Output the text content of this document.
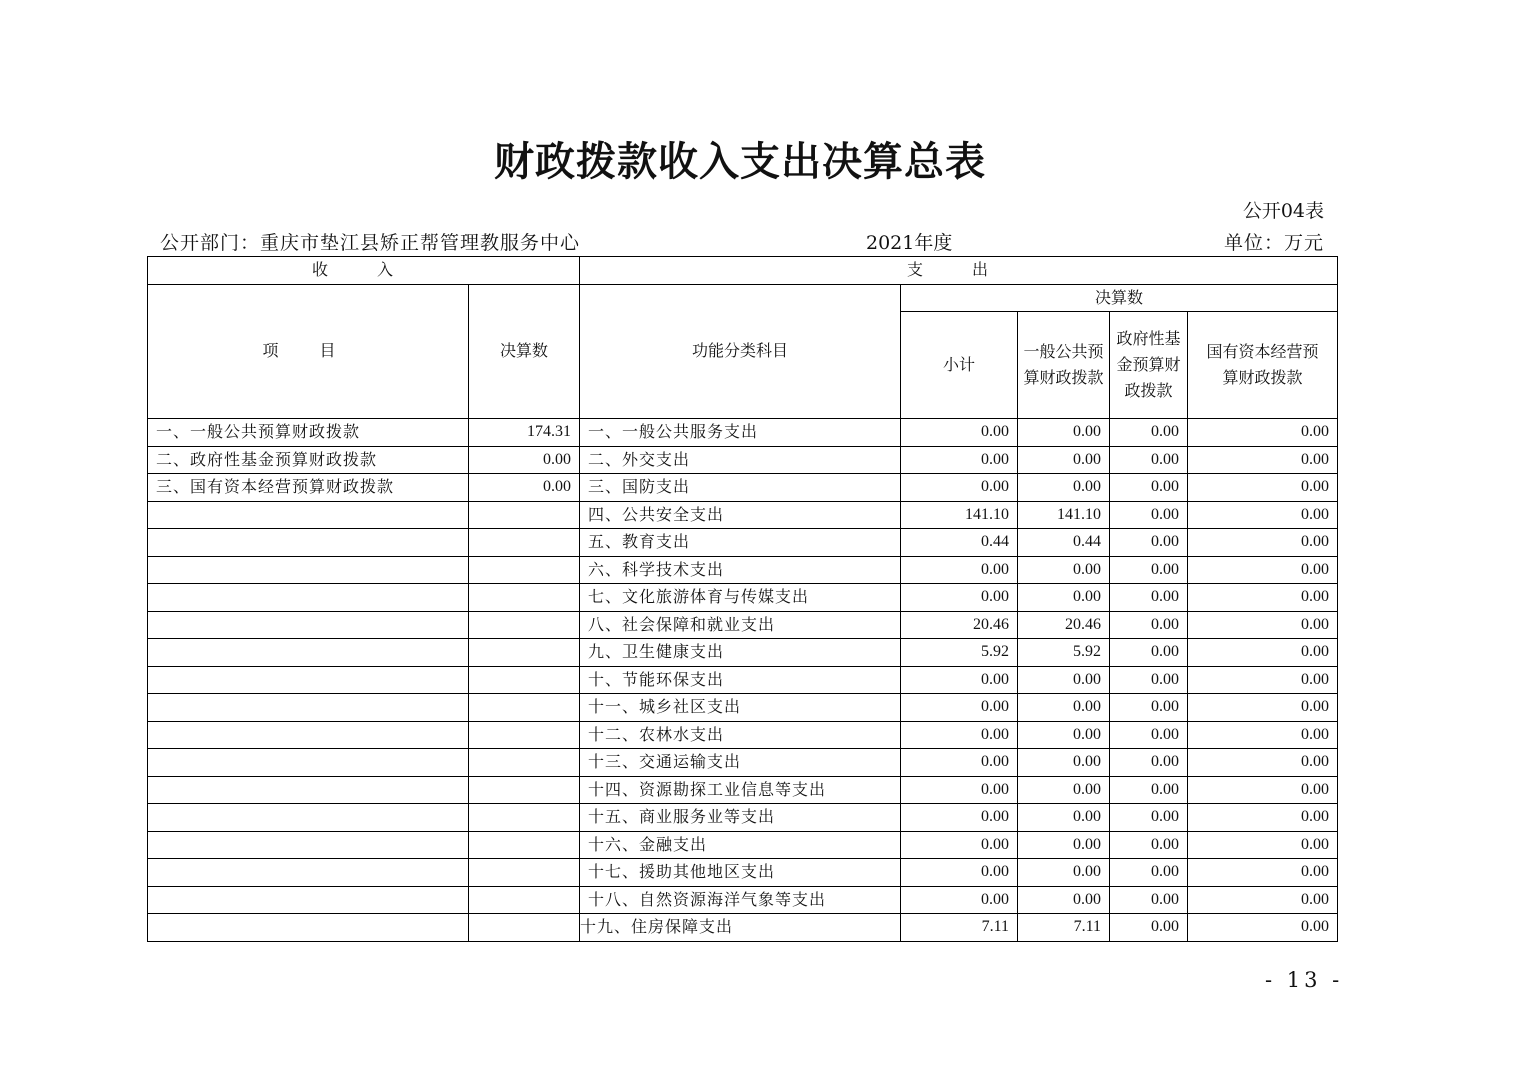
财政拨款收入支出决算总表
公开04表
公开部门：重庆市垫江县矫正帮管理教服务中心	2021年度	单位：万元
收 入		支 出				
项 目	决算数	功能分类科目	决算数			
			小计	一般公共预算财政拨款	政府性基金预算财政拨款	国有资本经营预算财政拨款
一、一般公共预算财政拨款	174.31	一、一般公共服务支出	0.00	0.00	0.00	0.00
二、政府性基金预算财政拨款	0.00	二、外交支出	0.00	0.00	0.00	0.00
三、国有资本经营预算财政拨款	0.00	三、国防支出	0.00	0.00	0.00	0.00
		四、公共安全支出	141.10	141.10	0.00	0.00
		五、教育支出	0.44	0.44	0.00	0.00
		六、科学技术支出	0.00	0.00	0.00	0.00
		七、文化旅游体育与传媒支出	0.00	0.00	0.00	0.00
		八、社会保障和就业支出	20.46	20.46	0.00	0.00
		九、卫生健康支出	5.92	5.92	0.00	0.00
		十、节能环保支出	0.00	0.00	0.00	0.00
		十一、城乡社区支出	0.00	0.00	0.00	0.00
		十二、农林水支出	0.00	0.00	0.00	0.00
		十三、交通运输支出	0.00	0.00	0.00	0.00
		十四、资源勘探工业信息等支出	0.00	0.00	0.00	0.00
		十五、商业服务业等支出	0.00	0.00	0.00	0.00
		十六、金融支出	0.00	0.00	0.00	0.00
		十七、援助其他地区支出	0.00	0.00	0.00	0.00
		十八、自然资源海洋气象等支出	0.00	0.00	0.00	0.00
		十九、住房保障支出	7.11	7.11	0.00	0.00
- 13 -
